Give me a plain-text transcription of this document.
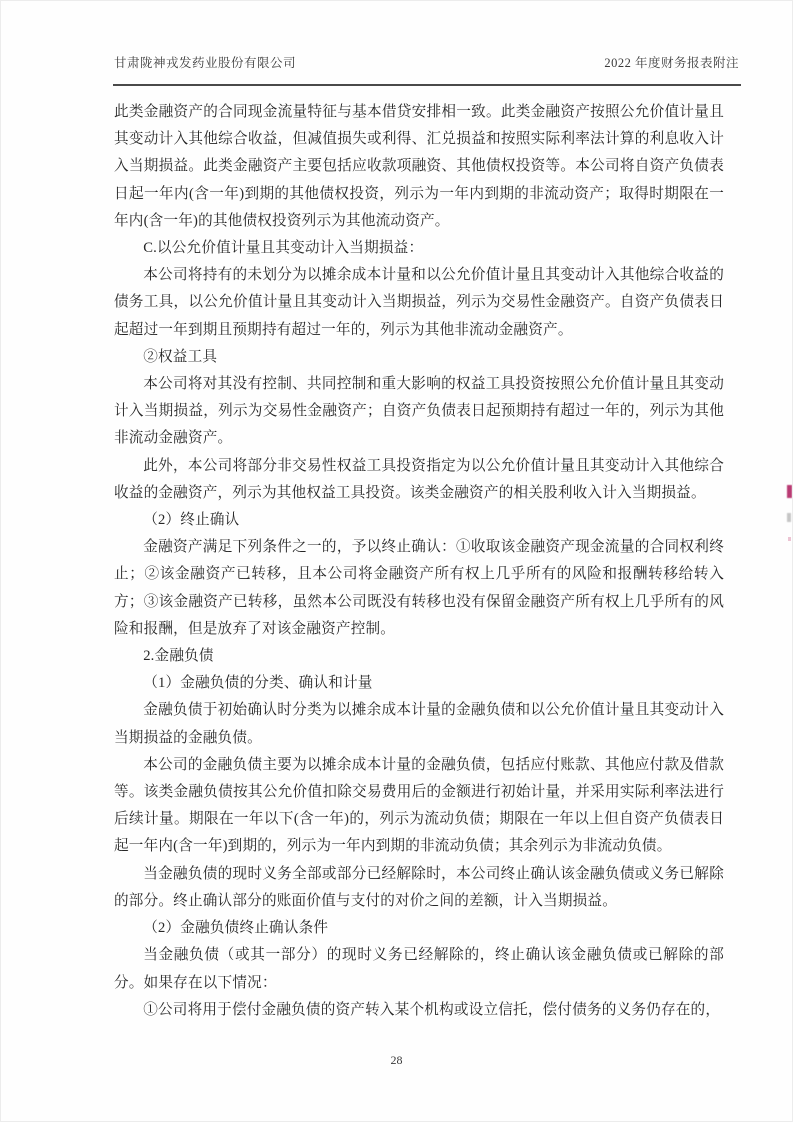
甘肃陇神戎发药业股份有限公司	2022 年度财务报表附注

此类金融资产的合同现金流量特征与基本借贷安排相一致。此类金融资产按照公允价值计量且其变动计入其他综合收益，但减值损失或利得、汇兑损益和按照实际利率法计算的利息收入计入当期损益。此类金融资产主要包括应收款项融资、其他债权投资等。本公司将自资产负债表日起一年内(含一年)到期的其他债权投资，列示为一年内到期的非流动资产；取得时期限在一年内(含一年)的其他债权投资列示为其他流动资产。

C.以公允价值计量且其变动计入当期损益：

本公司将持有的未划分为以摊余成本计量和以公允价值计量且其变动计入其他综合收益的债务工具，以公允价值计量且其变动计入当期损益，列示为交易性金融资产。自资产负债表日起超过一年到期且预期持有超过一年的，列示为其他非流动金融资产。

②权益工具

本公司将对其没有控制、共同控制和重大影响的权益工具投资按照公允价值计量且其变动计入当期损益，列示为交易性金融资产；自资产负债表日起预期持有超过一年的，列示为其他非流动金融资产。

此外，本公司将部分非交易性权益工具投资指定为以公允价值计量且其变动计入其他综合收益的金融资产，列示为其他权益工具投资。该类金融资产的相关股利收入计入当期损益。

（2）终止确认

金融资产满足下列条件之一的，予以终止确认：①收取该金融资产现金流量的合同权利终止；②该金融资产已转移，且本公司将金融资产所有权上几乎所有的风险和报酬转移给转入方；③该金融资产已转移，虽然本公司既没有转移也没有保留金融资产所有权上几乎所有的风险和报酬，但是放弃了对该金融资产控制。

2.金融负债

（1）金融负债的分类、确认和计量

金融负债于初始确认时分类为以摊余成本计量的金融负债和以公允价值计量且其变动计入当期损益的金融负债。

本公司的金融负债主要为以摊余成本计量的金融负债，包括应付账款、其他应付款及借款等。该类金融负债按其公允价值扣除交易费用后的金额进行初始计量，并采用实际利率法进行后续计量。期限在一年以下(含一年)的，列示为流动负债；期限在一年以上但自资产负债表日起一年内(含一年)到期的，列示为一年内到期的非流动负债；其余列示为非流动负债。

当金融负债的现时义务全部或部分已经解除时，本公司终止确认该金融负债或义务已解除的部分。终止确认部分的账面价值与支付的对价之间的差额，计入当期损益。

（2）金融负债终止确认条件

当金融负债（或其一部分）的现时义务已经解除的，终止确认该金融负债或已解除的部分。如果存在以下情况：

①公司将用于偿付金融负债的资产转入某个机构或设立信托，偿付债务的义务仍存在的，

28
